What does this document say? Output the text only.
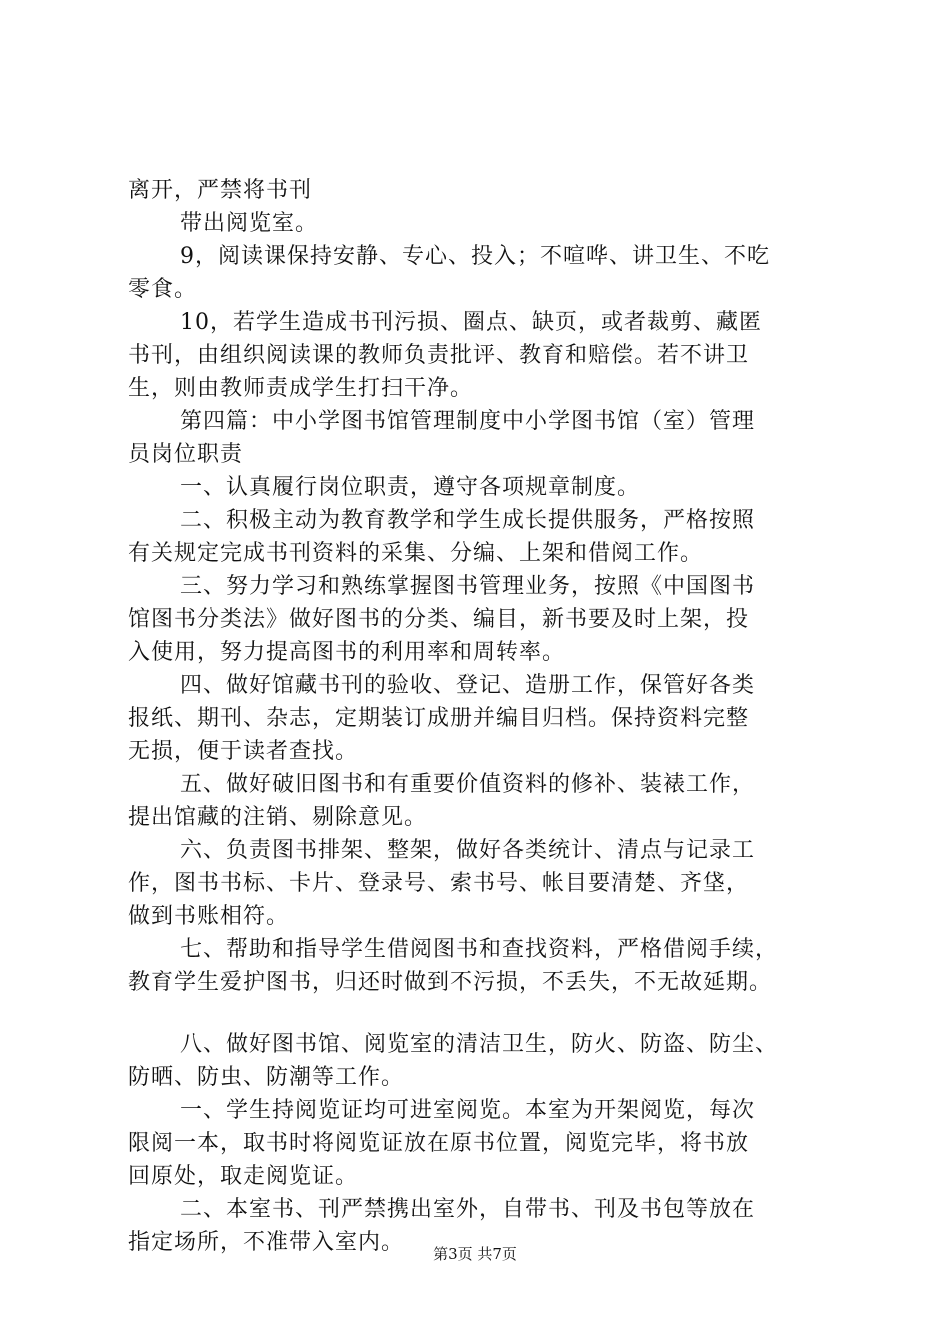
离开，严禁将书刊
带出阅览室。
9，阅读课保持安静、专心、投入；不喧哗、讲卫生、不吃
零食。
10，若学生造成书刊污损、圈点、缺页，或者裁剪、藏匿
书刊，由组织阅读课的教师负责批评、教育和赔偿。若不讲卫
生，则由教师责成学生打扫干净。
第四篇：中小学图书馆管理制度中小学图书馆（室）管理
员岗位职责
一、认真履行岗位职责，遵守各项规章制度。
二、积极主动为教育教学和学生成长提供服务，严格按照
有关规定完成书刊资料的采集、分编、上架和借阅工作。
三、努力学习和熟练掌握图书管理业务，按照《中国图书
馆图书分类法》做好图书的分类、编目，新书要及时上架，投
入使用，努力提高图书的利用率和周转率。
四、做好馆藏书刊的验收、登记、造册工作，保管好各类
报纸、期刊、杂志，定期装订成册并编目归档。保持资料完整
无损，便于读者查找。
五、做好破旧图书和有重要价值资料的修补、装裱工作，
提出馆藏的注销、剔除意见。
六、负责图书排架、整架，做好各类统计、清点与记录工
作，图书书标、卡片、登录号、索书号、帐目要清楚、齐垡，
做到书账相符。
七、帮助和指导学生借阅图书和查找资料，严格借阅手续，
教育学生爱护图书，归还时做到不污损，不丢失，不无故延期。
八、做好图书馆、阅览室的清洁卫生，防火、防盗、防尘、
防晒、防虫、防潮等工作。
一、学生持阅览证均可进室阅览。本室为开架阅览，每次
限阅一本，取书时将阅览证放在原书位置，阅览完毕，将书放
回原处，取走阅览证。
二、本室书、刊严禁携出室外，自带书、刊及书包等放在
指定场所，不准带入室内。	第3页 共7页
